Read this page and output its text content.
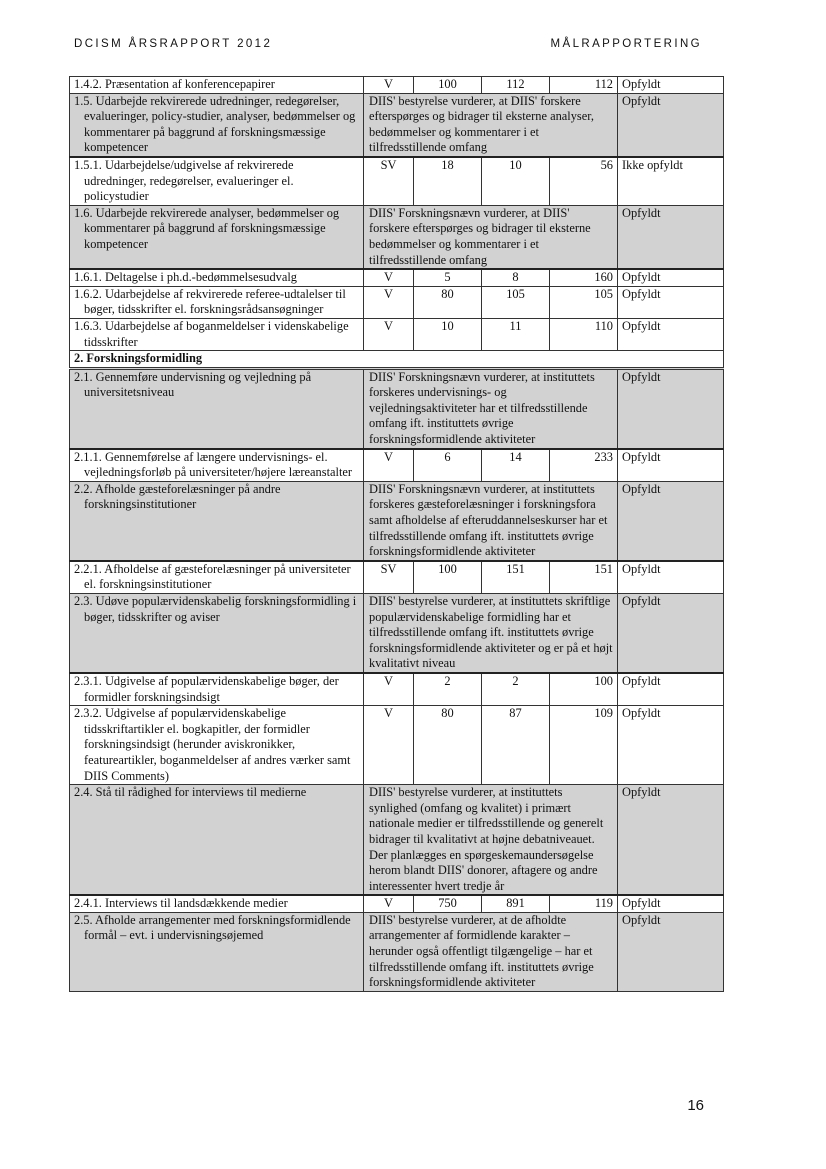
DCISM ÅRSRAPPORT 2012	MÅLRAPPORTERING
1.4.2. Præsentation af konferencepapirer	V	100	112	112	Opfyldt
1.5. Udarbejde rekvirerede udredninger, redegørelser, evalueringer, policy-studier, analyser, bedømmelser og kommentarer på baggrund af forskningsmæssige kompetencer	DIIS' bestyrelse vurderer, at DIIS' forskere efterspørges og bidrager til eksterne analyser, bedømmelser og kommentarer i et tilfredsstillende omfang				Opfyldt
1.5.1. Udarbejdelse/udgivelse af rekvirerede udredninger, redegørelser, evalueringer el. policystudier	SV	18	10	56	Ikke opfyldt
1.6. Udarbejde rekvirerede analyser, bedømmelser og kommentarer på baggrund af forskningsmæssige kompetencer	DIIS' Forskningsnævn vurderer, at DIIS' forskere efterspørges og bidrager til eksterne bedømmelser og kommentarer i et tilfredsstillende omfang				Opfyldt
1.6.1. Deltagelse i ph.d.-bedømmelsesudvalg	V	5	8	160	Opfyldt
1.6.2. Udarbejdelse af rekvirerede referee-udtalelser til bøger, tidsskrifter el. forskningsrådsansøgninger	V	80	105	105	Opfyldt
1.6.3. Udarbejdelse af boganmeldelser i videnskabelige tidsskrifter	V	10	11	110	Opfyldt
2. Forskningsformidling					
2.1. Gennemføre undervisning og vejledning på universitetsniveau	DIIS' Forskningsnævn vurderer, at instituttets forskeres undervisnings- og vejledningsaktiviteter har et tilfredsstillende omfang ift. instituttets øvrige forskningsformidlende aktiviteter				Opfyldt
2.1.1. Gennemførelse af længere undervisnings- el. vejledningsforløb på universiteter/højere læreanstalter	V	6	14	233	Opfyldt
2.2. Afholde gæsteforelæsninger på andre forskningsinstitutioner	DIIS' Forskningsnævn vurderer, at instituttets forskeres gæsteforelæsninger i forskningsfora samt afholdelse af efteruddannelseskurser har et tilfredsstillende omfang ift. instituttets øvrige forskningsformidlende aktiviteter				Opfyldt
2.2.1. Afholdelse af gæsteforelæsninger på universiteter el. forskningsinstitutioner	SV	100	151	151	Opfyldt
2.3. Udøve populærvidenskabelig forskningsformidling i bøger, tidsskrifter og aviser	DIIS' bestyrelse vurderer, at instituttets skriftlige populærvidenskabelige formidling har et tilfredsstillende omfang ift. instituttets øvrige forskningsformidlende aktiviteter og er på et højt kvalitativt niveau				Opfyldt
2.3.1. Udgivelse af populærvidenskabelige bøger, der formidler forskningsindsigt	V	2	2	100	Opfyldt
2.3.2. Udgivelse af populærvidenskabelige tidsskriftartikler el. bogkapitler, der formidler forskningsindsigt (herunder aviskronikker, featureartikler, boganmeldelser af andres værker samt DIIS Comments)	V	80	87	109	Opfyldt
2.4. Stå til rådighed for interviews til medierne	DIIS' bestyrelse vurderer, at instituttets synlighed (omfang og kvalitet) i primært nationale medier er tilfredsstillende og generelt bidrager til kvalitativt at højne debatniveauet. Der planlægges en spørgeskemaundersøgelse herom blandt DIIS' donorer, aftagere og andre interessenter hvert tredje år				Opfyldt
2.4.1. Interviews til landsdækkende medier	V	750	891	119	Opfyldt
2.5. Afholde arrangementer med forskningsformidlende formål – evt. i undervisningsøjemed	DIIS' bestyrelse vurderer, at de afholdte arrangementer af formidlende karakter – herunder også offentligt tilgængelige – har et tilfredsstillende omfang ift. instituttets øvrige forskningsformidlende aktiviteter				Opfyldt
16
